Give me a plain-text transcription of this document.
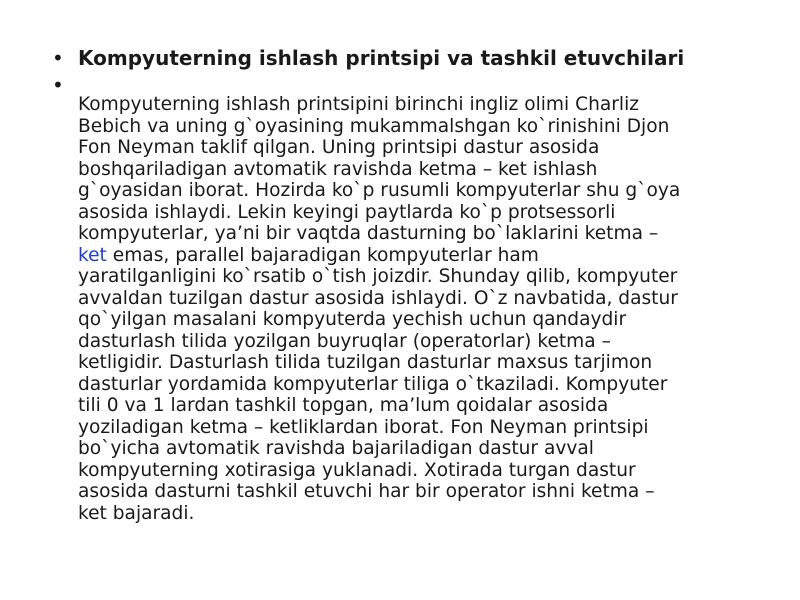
•
•
Kompyuterning ishlash printsipi va tashkil etuvchilari
Kompyuterning ishlash printsipini birinchi ingliz olimi Charliz
Bebich va uning g`oyasining mukammalshgan ko`rinishini Djon
Fon Neyman taklif qilgan. Uning printsipi dastur asosida
boshqariladigan avtomatik ravishda ketma – ket ishlash
g`oyasidan iborat. Hozirda ko`p rusumli kompyuterlar shu g`oya
asosida ishlaydi. Lekin keyingi paytlarda ko`p protsessorli
kompyuterlar, ya’ni bir vaqtda dasturning bo`laklarini ketma –
ket emas, parallel bajaradigan kompyuterlar ham
yaratilganligini ko`rsatib o`tish joizdir. Shunday qilib, kompyuter
avvaldan tuzilgan dastur asosida ishlaydi. O`z navbatida, dastur
qo`yilgan masalani kompyuterda yechish uchun qandaydir
dasturlash tilida yozilgan buyruqlar (operatorlar) ketma –
ketligidir. Dasturlash tilida tuzilgan dasturlar maxsus tarjimon
dasturlar yordamida kompyuterlar tiliga o`tkaziladi. Kompyuter
tili 0 va 1 lardan tashkil topgan, ma’lum qoidalar asosida
yoziladigan ketma – ketliklardan iborat. Fon Neyman printsipi
bo`yicha avtomatik ravishda bajariladigan dastur avval
kompyuterning xotirasiga yuklanadi. Xotirada turgan dastur
asosida dasturni tashkil etuvchi har bir operator ishni ketma –
ket bajaradi.
